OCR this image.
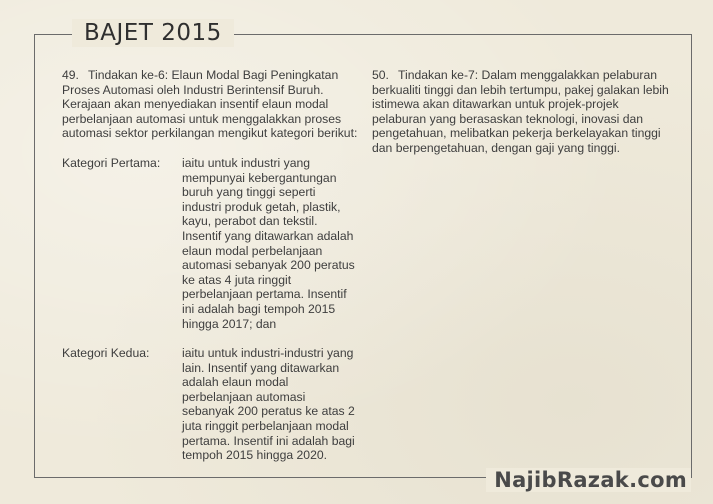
BAJET 2015
49. Tindakan ke-6: Elaun Modal Bagi Peningkatan Proses Automasi oleh Industri Berintensif Buruh. Kerajaan akan menyediakan insentif elaun modal perbelanjaan automasi untuk menggalakkan proses automasi sektor perkilangan mengikut kategori berikut:
Kategori Pertama:	iaitu untuk industri yang mempunyai kebergantungan buruh yang tinggi seperti industri produk getah, plastik, kayu, perabot dan tekstil. Insentif yang ditawarkan adalah elaun modal perbelanjaan automasi sebanyak 200 peratus ke atas 4 juta ringgit perbelanjaan pertama. Insentif ini adalah bagi tempoh 2015 hingga 2017; dan
Kategori Kedua:	iaitu untuk industri-industri yang lain. Insentif yang ditawarkan adalah elaun modal perbelanjaan automasi sebanyak 200 peratus ke atas 2 juta ringgit perbelanjaan modal pertama. Insentif ini adalah bagi tempoh 2015 hingga 2020.
50. Tindakan ke-7: Dalam menggalakkan pelaburan berkualiti tinggi dan lebih tertumpu, pakej galakan lebih istimewa akan ditawarkan untuk projek-projek pelaburan yang berasaskan teknologi, inovasi dan pengetahuan, melibatkan pekerja berkelayakan tinggi dan berpengetahuan, dengan gaji yang tinggi.
NajibRazak.com
